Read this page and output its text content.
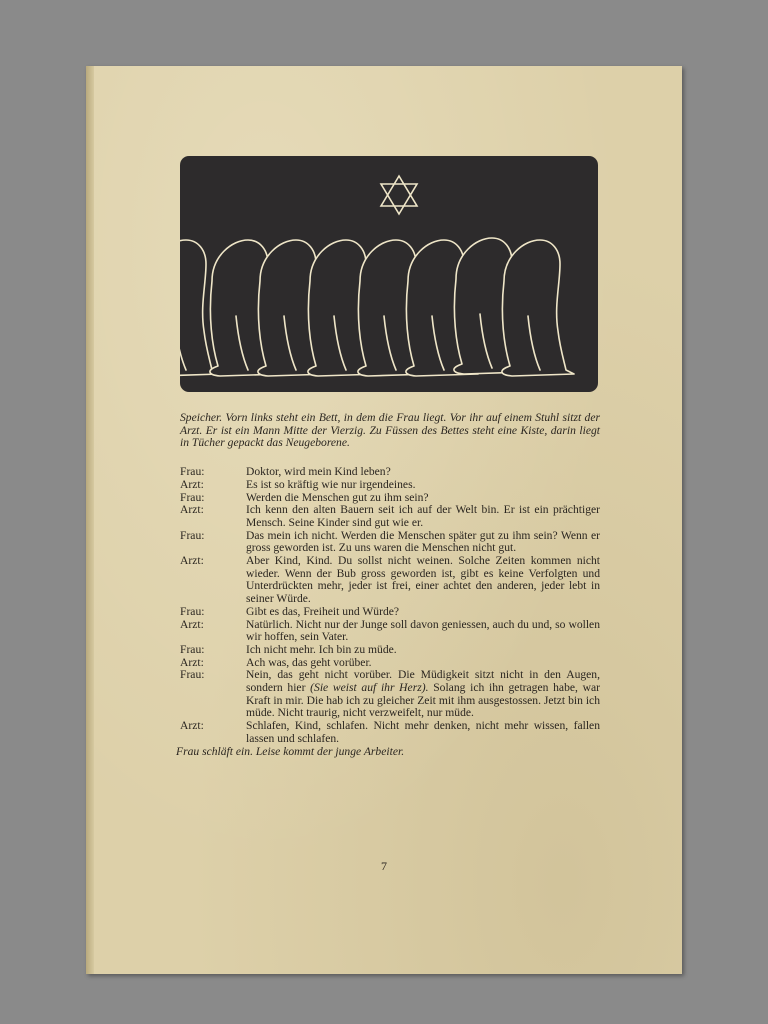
Speicher. Vorn links steht ein Bett, in dem die Frau liegt. Vor ihr auf einem Stuhl sitzt der Arzt. Er ist ein Mann Mitte der Vierzig. Zu Füssen des Bettes steht eine Kiste, darin liegt in Tücher gepackt das Neugeborene.

Frau:	Doktor, wird mein Kind leben?
Arzt:	Es ist so kräftig wie nur irgendeines.
Frau:	Werden die Menschen gut zu ihm sein?
Arzt:	Ich kenn den alten Bauern seit ich auf der Welt bin. Er ist ein prächtiger Mensch. Seine Kinder sind gut wie er.
Frau:	Das mein ich nicht. Werden die Menschen später gut zu ihm sein? Wenn er gross geworden ist. Zu uns waren die Menschen nicht gut.
Arzt:	Aber Kind, Kind. Du sollst nicht weinen. Solche Zeiten kommen nicht wieder. Wenn der Bub gross geworden ist, gibt es keine Verfolgten und Unterdrückten mehr, jeder ist frei, einer achtet den anderen, jeder lebt in seiner Würde.
Frau:	Gibt es das, Freiheit und Würde?
Arzt:	Natürlich. Nicht nur der Junge soll davon geniessen, auch du und, so wollen wir hoffen, sein Vater.
Frau:	Ich nicht mehr. Ich bin zu müde.
Arzt:	Ach was, das geht vorüber.
Frau:	Nein, das geht nicht vorüber. Die Müdigkeit sitzt nicht in den Augen, sondern hier (Sie weist auf ihr Herz). Solang ich ihn getragen habe, war Kraft in mir. Die hab ich zu gleicher Zeit mit ihm ausgestossen. Jetzt bin ich müde. Nicht traurig, nicht verzweifelt, nur müde.
Arzt:	Schlafen, Kind, schlafen. Nicht mehr denken, nicht mehr wissen, fallen lassen und schlafen.

Frau schläft ein. Leise kommt der junge Arbeiter.

7
